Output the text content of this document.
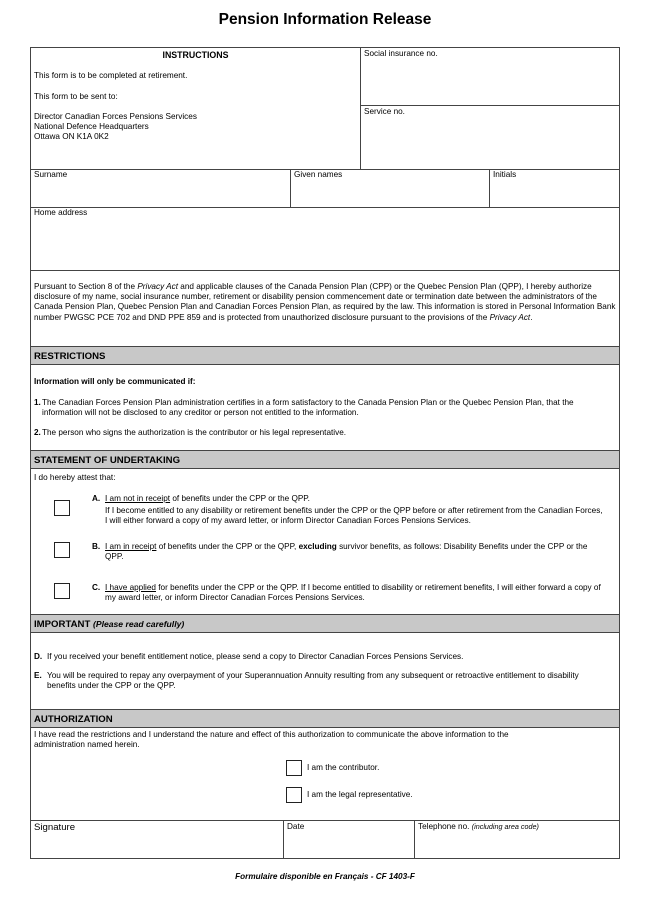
Pension Information Release
INSTRUCTIONS
This form is to be completed at retirement.
This form to be sent to:
Director Canadian Forces Pensions Services
National Defence Headquarters
Ottawa ON K1A 0K2
Social insurance no.
Service no.
Surname	Given names	Initials
Home address
Pursuant to Section 8 of the Privacy Act and applicable clauses of the Canada Pension Plan (CPP) or the Quebec Pension Plan (QPP), I hereby authorize disclosure of my name, social insurance number, retirement or disability pension commencement date or termination date between the administrators of the Canada Pension Plan, Quebec Pension Plan and Canadian Forces Pension Plan, as required by the law. This information is stored in Personal Information Bank number PWGSC PCE 702 and DND PPE 859 and is protected from unauthorized disclosure pursuant to the provisions of the Privacy Act.
RESTRICTIONS
Information will only be communicated if:
1. The Canadian Forces Pension Plan administration certifies in a form satisfactory to the Canada Pension Plan or the Quebec Pension Plan, that the information will not be disclosed to any creditor or person not entitled to the information.
2. The person who signs the authorization is the contributor or his legal representative.
STATEMENT OF UNDERTAKING
I do hereby attest that:
A. I am not in receipt of benefits under the CPP or the QPP.
If I become entitled to any disability or retirement benefits under the CPP or the QPP before or after retirement from the Canadian Forces, I will either forward a copy of my award letter, or inform Director Canadian Forces Pensions Services.
B. I am in receipt of benefits under the CPP or the QPP, excluding survivor benefits, as follows: Disability Benefits under the CPP or the QPP.
C. I have applied for benefits under the CPP or the QPP. If I become entitled to disability or retirement benefits, I will either forward a copy of my award letter, or inform Director Canadian Forces Pensions Services.
IMPORTANT (Please read carefully)
D. If you received your benefit entitlement notice, please send a copy to Director Canadian Forces Pensions Services.
E. You will be required to repay any overpayment of your Superannuation Annuity resulting from any subsequent or retroactive entitlement to disability benefits under the CPP or the QPP.
AUTHORIZATION
I have read the restrictions and I understand the nature and effect of this authorization to communicate the above information to the administration named herein.
I am the contributor.
I am the legal representative.
Signature	Date	Telephone no. (including area code)
Formulaire disponible en Français - CF 1403-F
